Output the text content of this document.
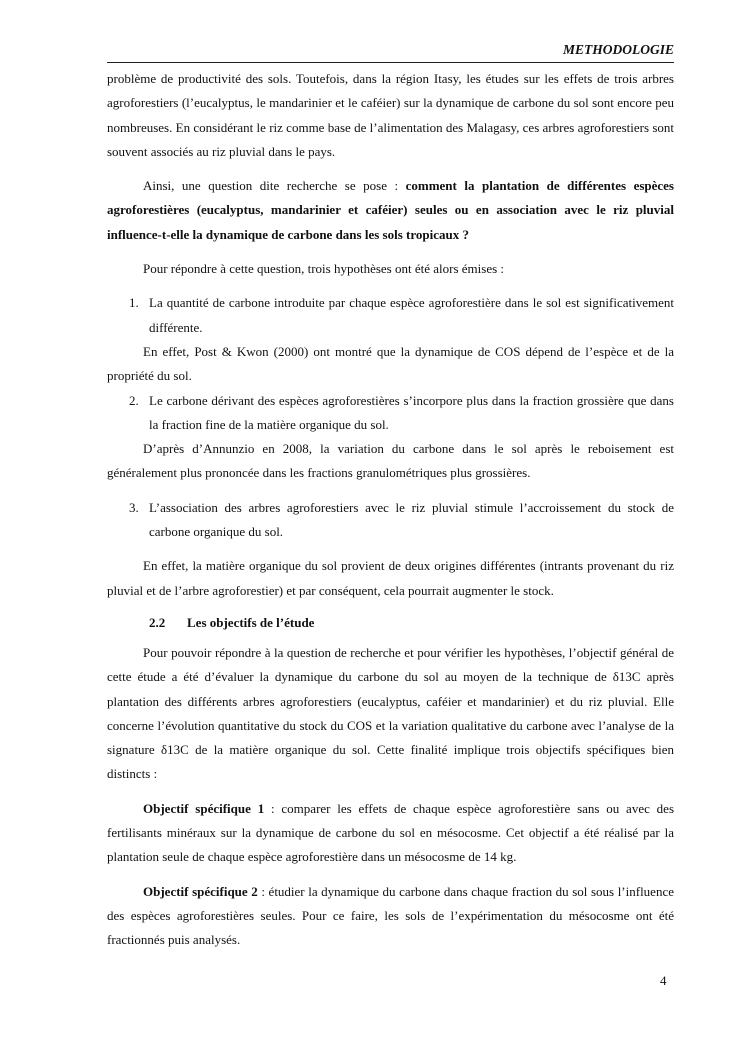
METHODOLOGIE

problème de productivité des sols. Toutefois, dans la région Itasy, les études sur les effets de trois arbres agroforestiers (l’eucalyptus, le mandarinier et le caféier) sur la dynamique de carbone du sol sont encore peu nombreuses. En considérant le riz comme base de l’alimentation des Malagasy, ces arbres agroforestiers sont souvent associés au riz pluvial dans le pays.

Ainsi, une question dite recherche se pose : comment la plantation de différentes espèces agroforestières (eucalyptus, mandarinier et caféier) seules ou en association avec le riz pluvial influence-t-elle la dynamique de carbone dans les sols tropicaux ?

Pour répondre à cette question, trois hypothèses ont été alors émises :

1. La quantité de carbone introduite par chaque espèce agroforestière dans le sol est significativement différente.

En effet, Post & Kwon (2000) ont montré que la dynamique de COS dépend de l’espèce et de la propriété du sol.

2. Le carbone dérivant des espèces agroforestières s’incorpore plus dans la fraction grossière que dans la fraction fine de la matière organique du sol.

D’après d’Annunzio en 2008, la variation du carbone dans le sol après le reboisement est généralement plus prononcée dans les fractions granulométriques plus grossières.

3. L’association des arbres agroforestiers avec le riz pluvial stimule l’accroissement du stock de carbone organique du sol.

En effet, la matière organique du sol provient de deux origines différentes (intrants provenant du riz pluvial et de l’arbre agroforestier) et par conséquent, cela pourrait augmenter le stock.

2.2 Les objectifs de l’étude

Pour pouvoir répondre à la question de recherche et pour vérifier les hypothèses, l’objectif général de cette étude a été d’évaluer la dynamique du carbone du sol au moyen de la technique de δ13C après plantation des différents arbres agroforestiers (eucalyptus, caféier et mandarinier) et du riz pluvial. Elle concerne l’évolution quantitative du stock du COS et la variation qualitative du carbone avec l’analyse de la signature δ13C de la matière organique du sol. Cette finalité implique trois objectifs spécifiques bien distincts :

Objectif spécifique 1 : comparer les effets de chaque espèce agroforestière sans ou avec des fertilisants minéraux sur la dynamique de carbone du sol en mésocosme. Cet objectif a été réalisé par la plantation seule de chaque espèce agroforestière dans un mésocosme de 14 kg.

Objectif spécifique 2 : étudier la dynamique du carbone dans chaque fraction du sol sous l’influence des espèces agroforestières seules. Pour ce faire, les sols de l’expérimentation du mésocosme ont été fractionnés puis analysés.

4
